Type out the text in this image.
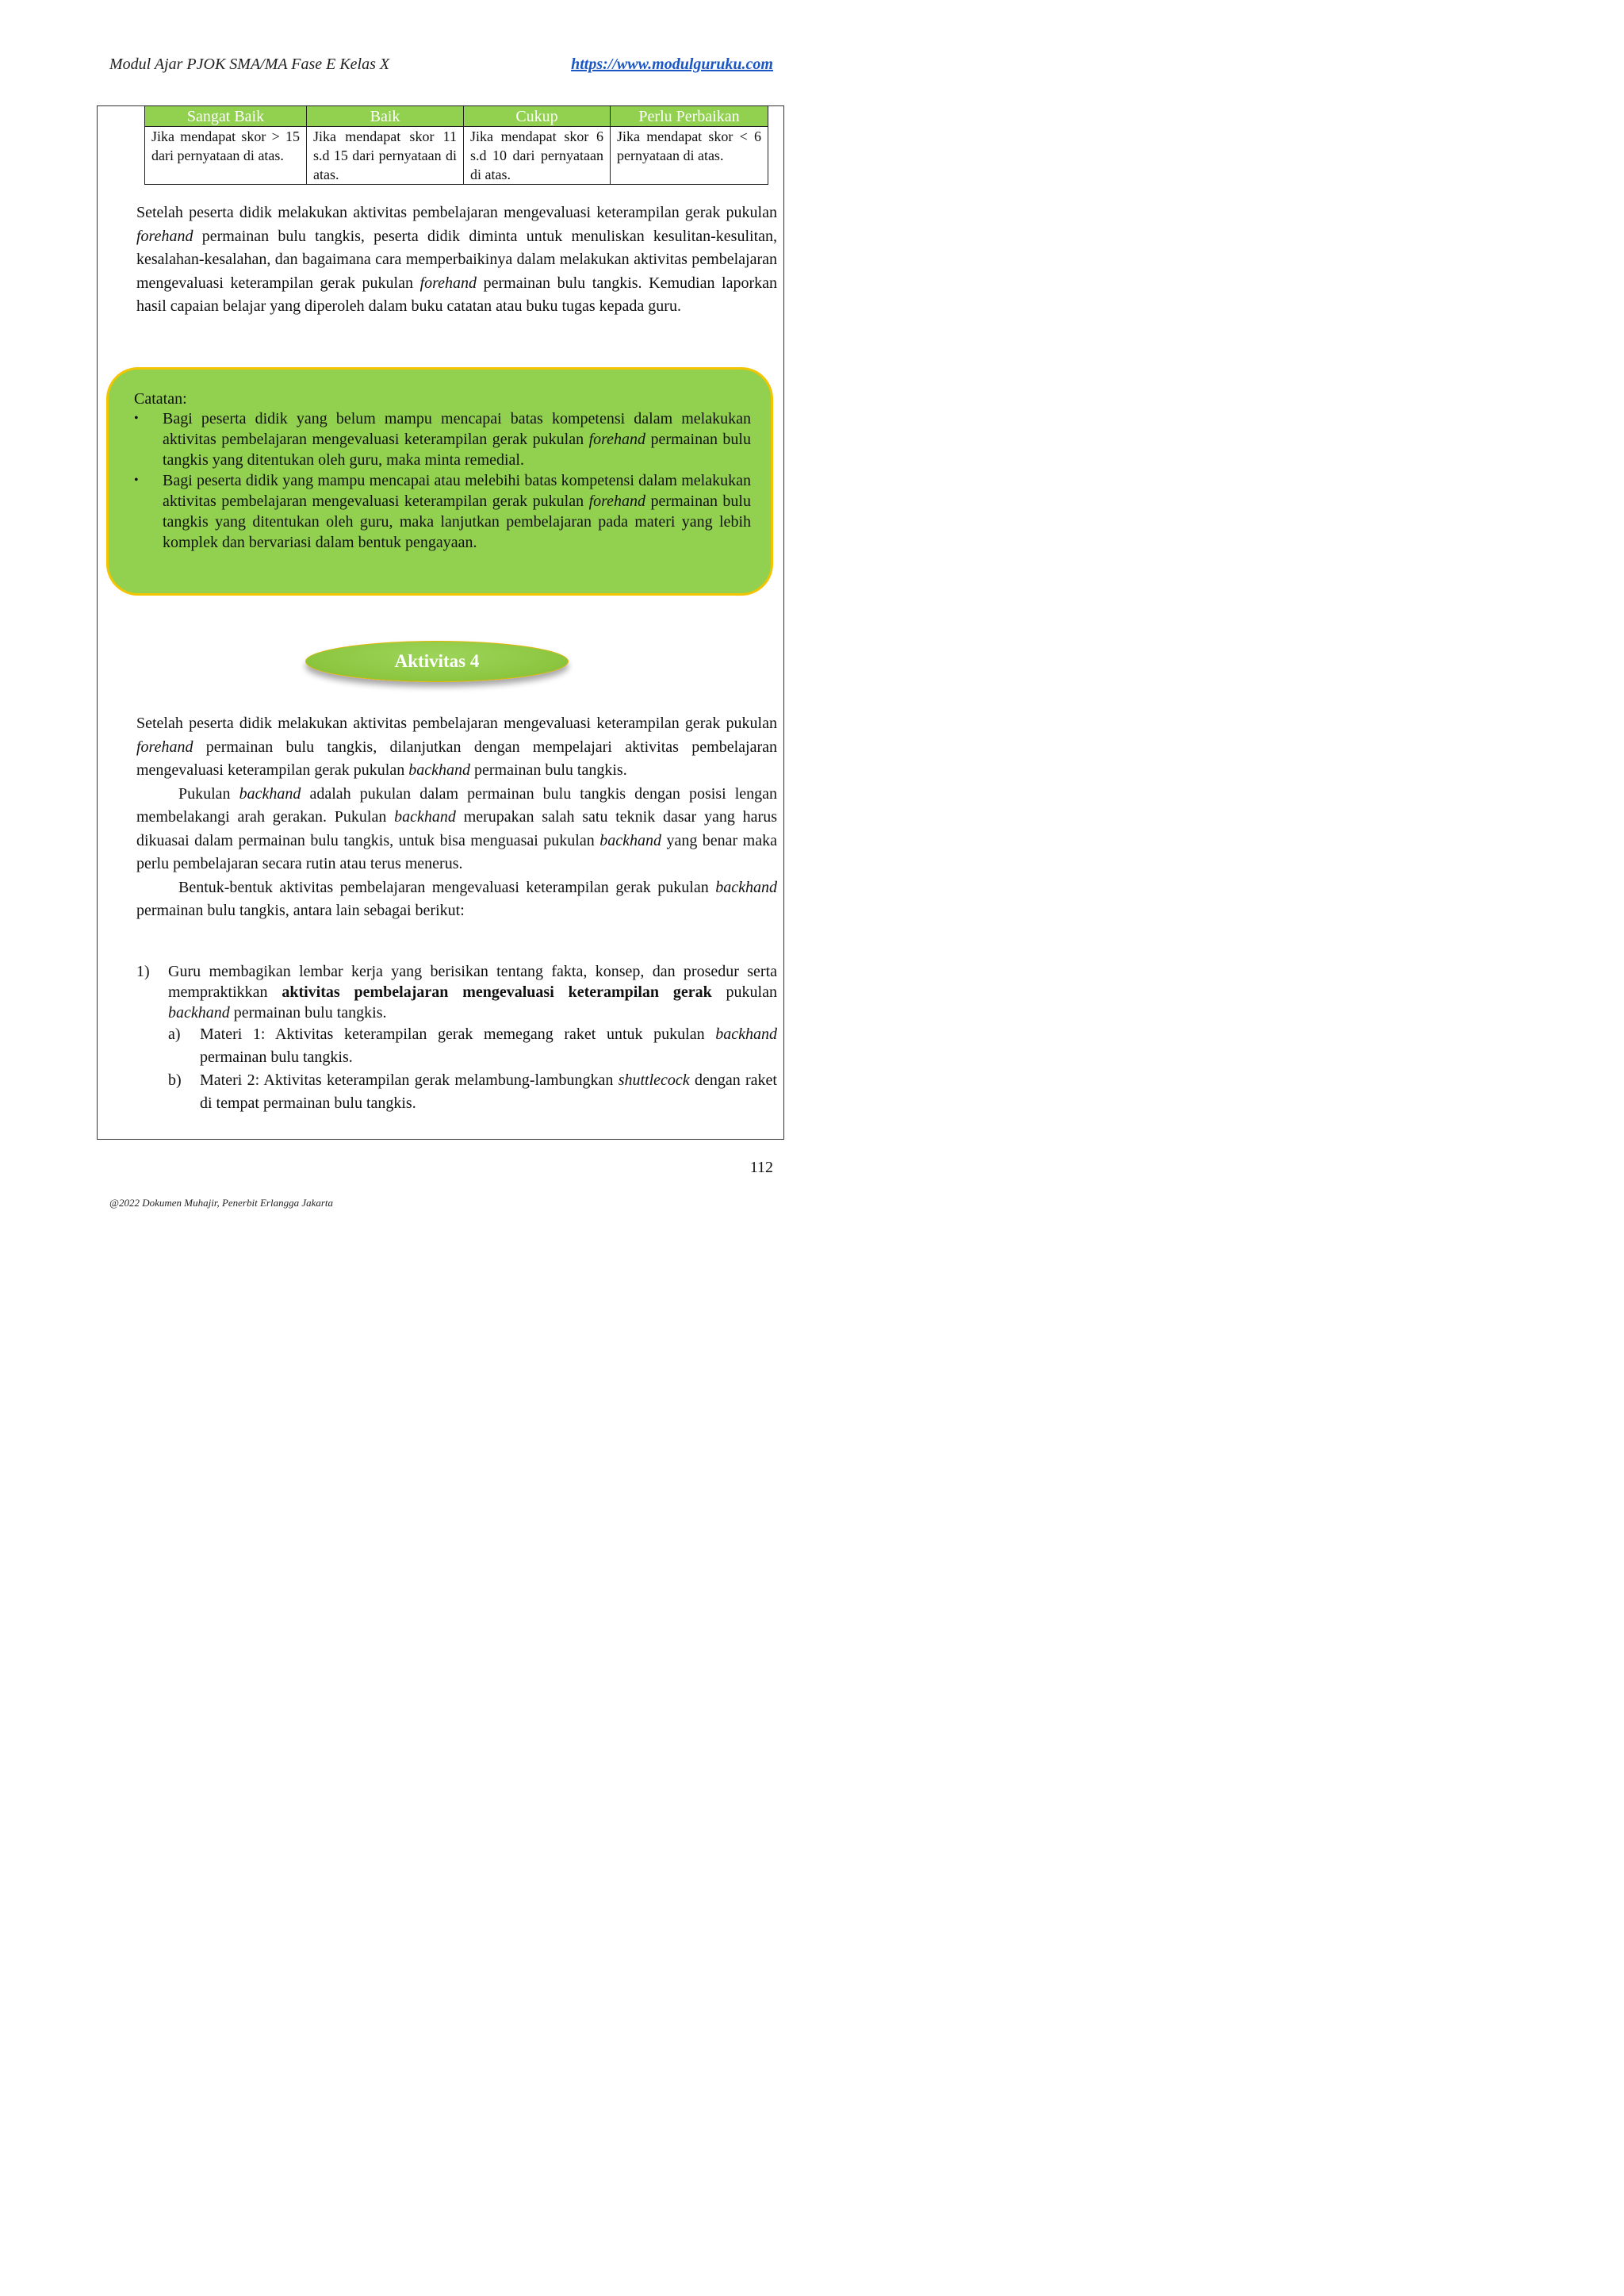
Modul Ajar PJOK SMA/MA Fase E Kelas X	https://www.modulguruku.com
Sangat Baik	Baik	Cukup	Perlu Perbaikan
Jika mendapat skor > 15 dari pernyataan di atas.	Jika mendapat skor 11 s.d 15 dari pernyataan di atas.	Jika mendapat skor 6 s.d 10 dari pernyataan di atas.	Jika mendapat skor < 6 pernyataan di atas.

Setelah peserta didik melakukan aktivitas pembelajaran mengevaluasi keterampilan gerak pukulan forehand permainan bulu tangkis, peserta didik diminta untuk menuliskan kesulitan-kesulitan, kesalahan-kesalahan, dan bagaimana cara memperbaikinya dalam melakukan aktivitas pembelajaran mengevaluasi keterampilan gerak pukulan forehand permainan bulu tangkis. Kemudian laporkan hasil capaian belajar yang diperoleh dalam buku catatan atau buku tugas kepada guru.

Catatan:
• Bagi peserta didik yang belum mampu mencapai batas kompetensi dalam melakukan aktivitas pembelajaran mengevaluasi keterampilan gerak pukulan forehand permainan bulu tangkis yang ditentukan oleh guru, maka minta remedial.
• Bagi peserta didik yang mampu mencapai atau melebihi batas kompetensi dalam melakukan aktivitas pembelajaran mengevaluasi keterampilan gerak pukulan forehand permainan bulu tangkis yang ditentukan oleh guru, maka lanjutkan pembelajaran pada materi yang lebih komplek dan bervariasi dalam bentuk pengayaan.
Aktivitas 4

Setelah peserta didik melakukan aktivitas pembelajaran mengevaluasi keterampilan gerak pukulan forehand permainan bulu tangkis, dilanjutkan dengan mempelajari aktivitas pembelajaran mengevaluasi keterampilan gerak pukulan backhand permainan bulu tangkis.

Pukulan backhand adalah pukulan dalam permainan bulu tangkis dengan posisi lengan membelakangi arah gerakan. Pukulan backhand merupakan salah satu teknik dasar yang harus dikuasai dalam permainan bulu tangkis, untuk bisa menguasai pukulan backhand yang benar maka perlu pembelajaran secara rutin atau terus menerus.

Bentuk-bentuk aktivitas pembelajaran mengevaluasi keterampilan gerak pukulan backhand permainan bulu tangkis, antara lain sebagai berikut:

1) Guru membagikan lembar kerja yang berisikan tentang fakta, konsep, dan prosedur serta mempraktikkan aktivitas pembelajaran mengevaluasi keterampilan gerak pukulan backhand permainan bulu tangkis.
a) Materi 1: Aktivitas keterampilan gerak memegang raket untuk pukulan backhand permainan bulu tangkis.
b) Materi 2: Aktivitas keterampilan gerak melambung-lambungkan shuttlecock dengan raket di tempat permainan bulu tangkis.
112
@2022 Dokumen Muhajir, Penerbit Erlangga Jakarta
